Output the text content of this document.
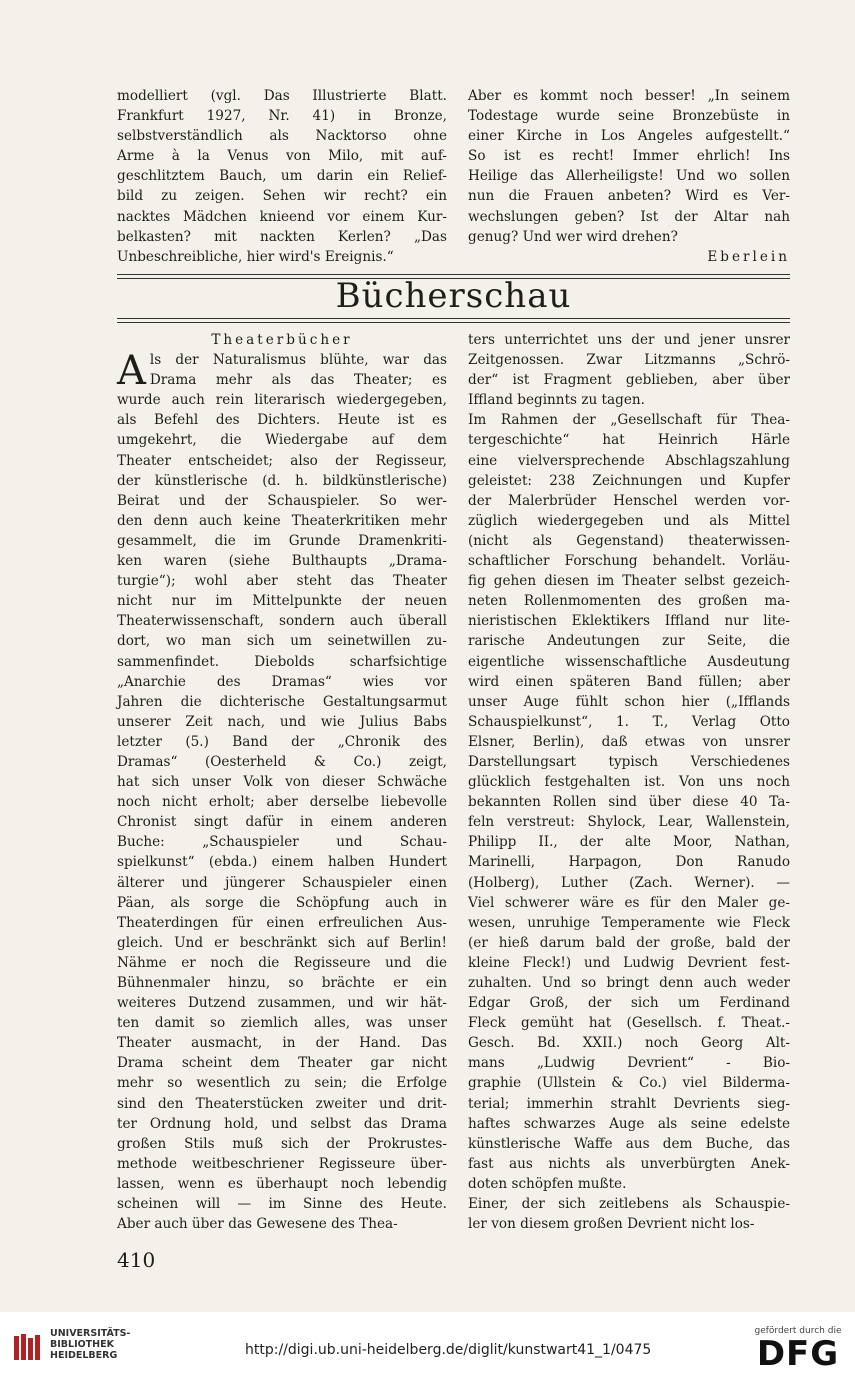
modelliert (vgl. Das Illustrierte Blatt.

Frankfurt 1927, Nr. 41) in Bronze,

selbstverständlich als Nacktorso ohne

Arme à la Venus von Milo, mit auf-

geschlitztem Bauch, um darin ein Relief-

bild zu zeigen. Sehen wir recht? ein

nacktes Mädchen knieend vor einem Kur-

belkasten? mit nackten Kerlen? „Das

Unbeschreibliche, hier wird's Ereignis.“

Aber es kommt noch besser! „In seinem

Todestage wurde seine Bronzebüste in

einer Kirche in Los Angeles aufgestellt.“

So ist es recht! Immer ehrlich! Ins

Heilige das Allerheiligste! Und wo sollen

nun die Frauen anbeten? Wird es Ver-

wechslungen geben? Ist der Altar nah

genug? Und wer wird drehen?

Eberlein

Bücherschau

Theaterbücher

A ls der Naturalismus blühte, war das

Drama mehr als das Theater; es

wurde auch rein literarisch wiedergegeben,

als Befehl des Dichters. Heute ist es

umgekehrt, die Wiedergabe auf dem

Theater entscheidet; also der Regisseur,

der künstlerische (d. h. bildkünstlerische)

Beirat und der Schauspieler. So wer-

den denn auch keine Theaterkritiken mehr

gesammelt, die im Grunde Dramenkriti-

ken waren (siehe Bulthaupts „Drama-

turgie“); wohl aber steht das Theater

nicht nur im Mittelpunkte der neuen

Theaterwissenschaft, sondern auch überall

dort, wo man sich um seinetwillen zu-

sammenfindet. Diebolds scharfsichtige

„Anarchie des Dramas“ wies vor

Jahren die dichterische Gestaltungsarmut

unserer Zeit nach, und wie Julius Babs

letzter (5.) Band der „Chronik des

Dramas“ (Oesterheld & Co.) zeigt,

hat sich unser Volk von dieser Schwäche

noch nicht erholt; aber derselbe liebevolle

Chronist singt dafür in einem anderen

Buche: „Schauspieler und Schau-

spielkunst“ (ebda.) einem halben Hundert

älterer und jüngerer Schauspieler einen

Päan, als sorge die Schöpfung auch in

Theaterdingen für einen erfreulichen Aus-

gleich. Und er beschränkt sich auf Berlin!

Nähme er noch die Regisseure und die

Bühnenmaler hinzu, so brächte er ein

weiteres Dutzend zusammen, und wir hät-

ten damit so ziemlich alles, was unser

Theater ausmacht, in der Hand. Das

Drama scheint dem Theater gar nicht

mehr so wesentlich zu sein; die Erfolge

sind den Theaterstücken zweiter und drit-

ter Ordnung hold, und selbst das Drama

großen Stils muß sich der Prokrustes-

methode weitbeschriener Regisseure über-

lassen, wenn es überhaupt noch lebendig

scheinen will — im Sinne des Heute.

Aber auch über das Gewesene des Thea-

ters unterrichtet uns der und jener unsrer

Zeitgenossen. Zwar Litzmanns „Schrö-

der“ ist Fragment geblieben, aber über

Iffland beginnts zu tagen.

Im Rahmen der „Gesellschaft für Thea-

tergeschichte“ hat Heinrich Härle

eine vielversprechende Abschlagszahlung

geleistet: 238 Zeichnungen und Kupfer

der Malerbrüder Henschel werden vor-

züglich wiedergegeben und als Mittel

(nicht als Gegenstand) theaterwissen-

schaftlicher Forschung behandelt. Vorläu-

fig gehen diesen im Theater selbst gezeich-

neten Rollenmomenten des großen ma-

nieristischen Eklektikers Iffland nur lite-

rarische Andeutungen zur Seite, die

eigentliche wissenschaftliche Ausdeutung

wird einen späteren Band füllen; aber

unser Auge fühlt schon hier („Ifflands

Schauspielkunst“, 1. T., Verlag Otto

Elsner, Berlin), daß etwas von unsrer

Darstellungsart typisch Verschiedenes

glücklich festgehalten ist. Von uns noch

bekannten Rollen sind über diese 40 Ta-

feln verstreut: Shylock, Lear, Wallenstein,

Philipp II., der alte Moor, Nathan,

Marinelli, Harpagon, Don Ranudo

(Holberg), Luther (Zach. Werner). —

Viel schwerer wäre es für den Maler ge-

wesen, unruhige Temperamente wie Fleck

(er hieß darum bald der große, bald der

kleine Fleck!) und Ludwig Devrient fest-

zuhalten. Und so bringt denn auch weder

Edgar Groß, der sich um Ferdinand

Fleck gemüht hat (Gesellsch. f. Theat.-

Gesch. Bd. XXII.) noch Georg Alt-

mans „Ludwig Devrient“ - Bio-

graphie (Ullstein & Co.) viel Bilderma-

terial; immerhin strahlt Devrients sieg-

haftes schwarzes Auge als seine edelste

künstlerische Waffe aus dem Buche, das

fast aus nichts als unverbürgten Anek-

doten schöpfen mußte.

Einer, der sich zeitlebens als Schauspie-

ler von diesem großen Devrient nicht los-

410
UNIVERSITÄTS-
BIBLIOTHEK
HEIDELBERG	http://digi.ub.uni-heidelberg.de/diglit/kunstwart41_1/0475
gefördert durch die
DFG
